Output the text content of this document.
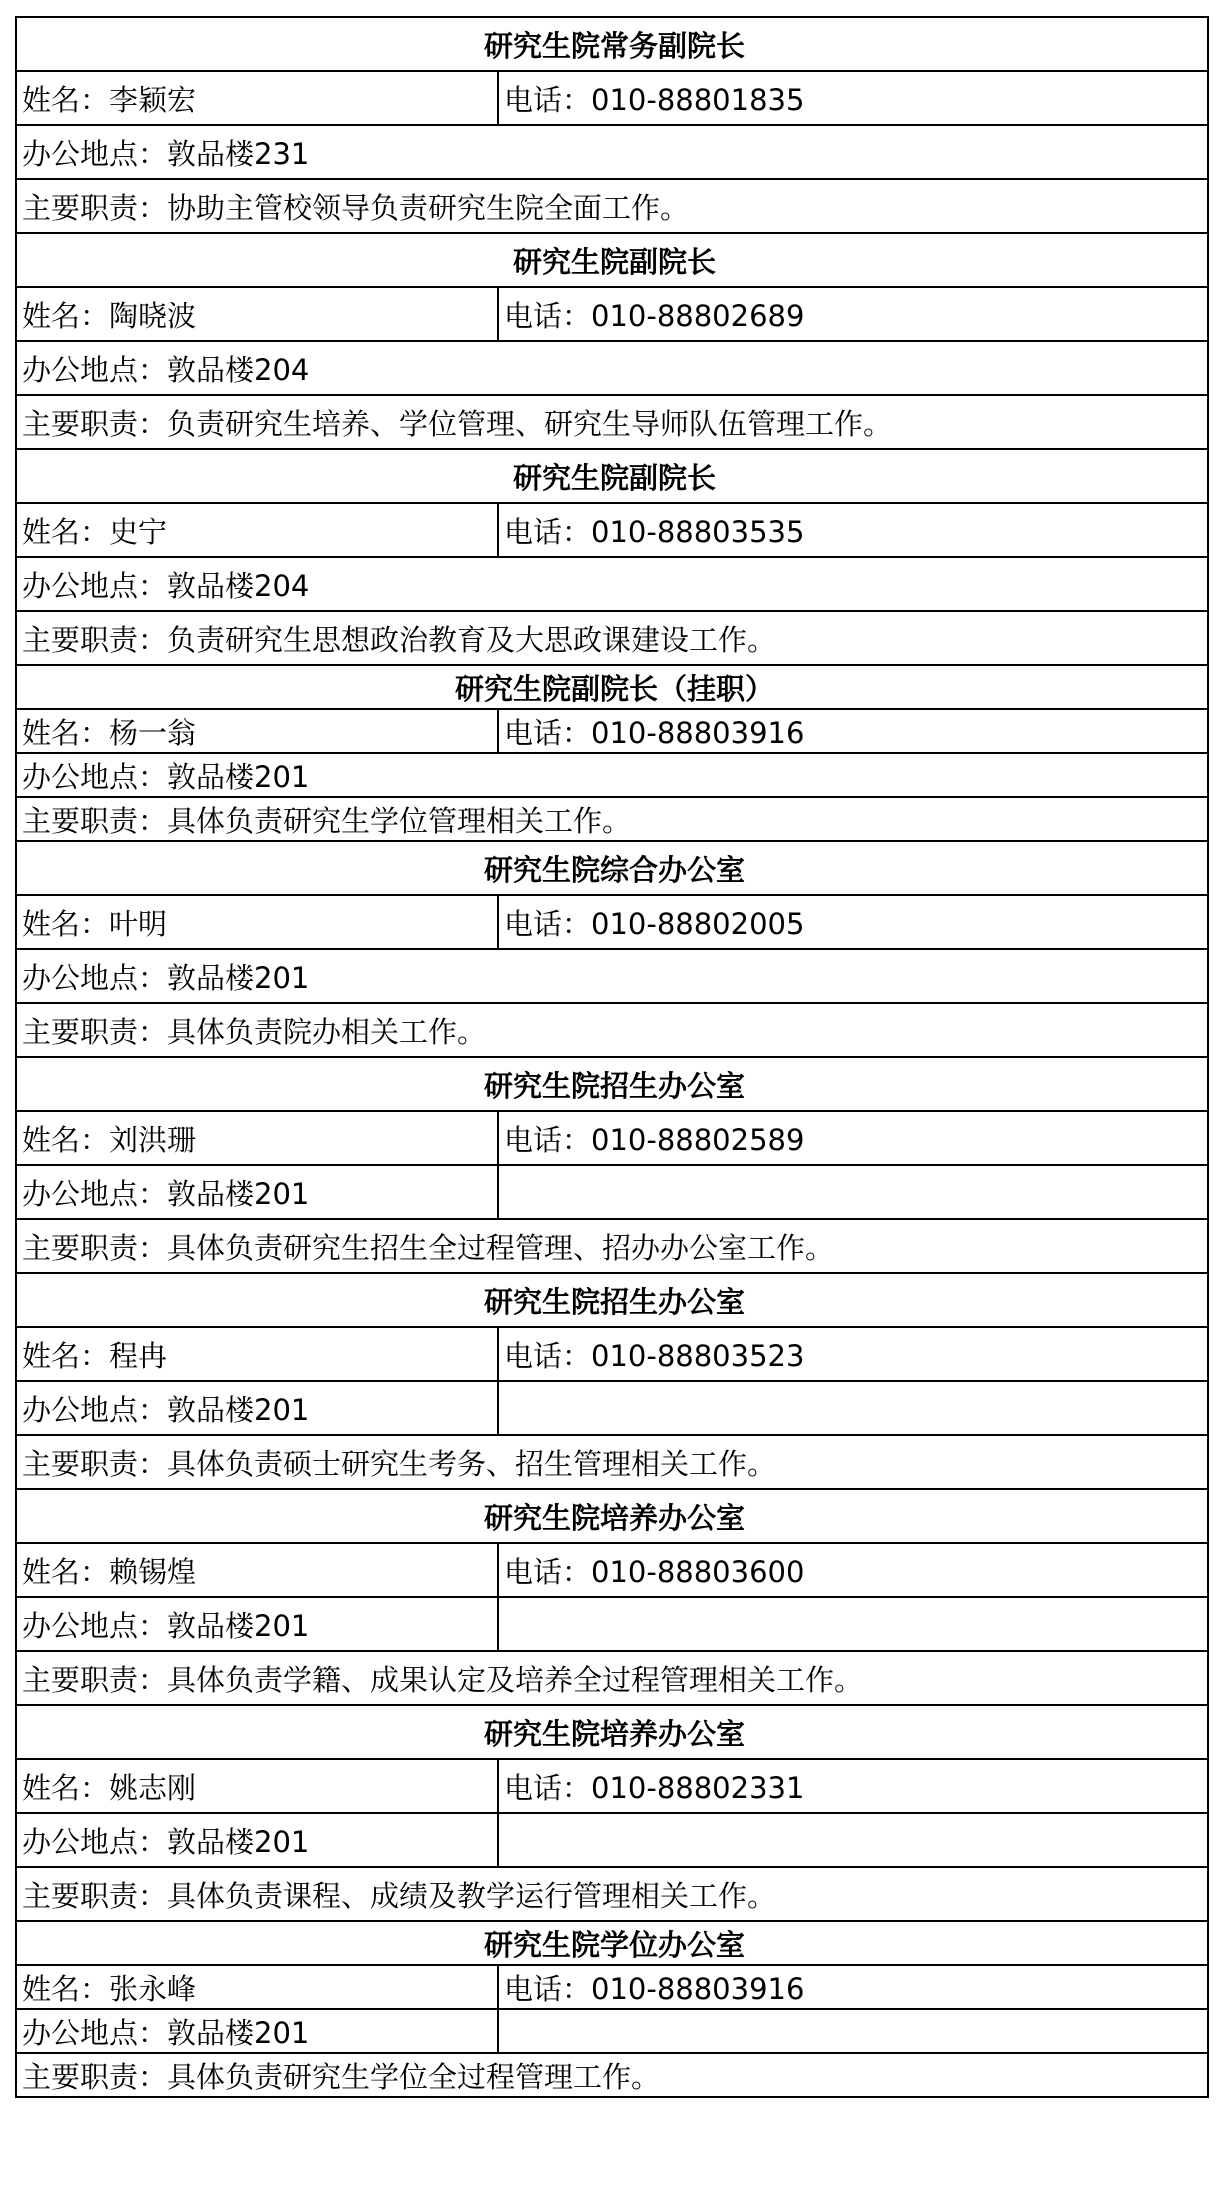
研究生院常务副院长	
姓名：李颖宏	电话：010-88801835
办公地点：敦品楼231	
主要职责：协助主管校领导负责研究生院全面工作。	
研究生院副院长	
姓名：陶晓波	电话：010-88802689
办公地点：敦品楼204	
主要职责：负责研究生培养、学位管理、研究生导师队伍管理工作。	
研究生院副院长	
姓名：史宁	电话：010-88803535
办公地点：敦品楼204	
主要职责：负责研究生思想政治教育及大思政课建设工作。	
研究生院副院长（挂职）	
姓名：杨一翁	电话：010-88803916
办公地点：敦品楼201	
主要职责：具体负责研究生学位管理相关工作。	
研究生院综合办公室	
姓名：叶明	电话：010-88802005
办公地点：敦品楼201	
主要职责：具体负责院办相关工作。	
研究生院招生办公室	
姓名：刘洪珊	电话：010-88802589
办公地点：敦品楼201	
主要职责：具体负责研究生招生全过程管理、招办办公室工作。	
研究生院招生办公室	
姓名：程冉	电话：010-88803523
办公地点：敦品楼201	
主要职责：具体负责硕士研究生考务、招生管理相关工作。	
研究生院培养办公室	
姓名：赖锡煌	电话：010-88803600
办公地点：敦品楼201	
主要职责：具体负责学籍、成果认定及培养全过程管理相关工作。	
研究生院培养办公室	
姓名：姚志刚	电话：010-88802331
办公地点：敦品楼201	
主要职责：具体负责课程、成绩及教学运行管理相关工作。	
研究生院学位办公室	
姓名：张永峰	电话：010-88803916
办公地点：敦品楼201	
主要职责：具体负责研究生学位全过程管理工作。	
